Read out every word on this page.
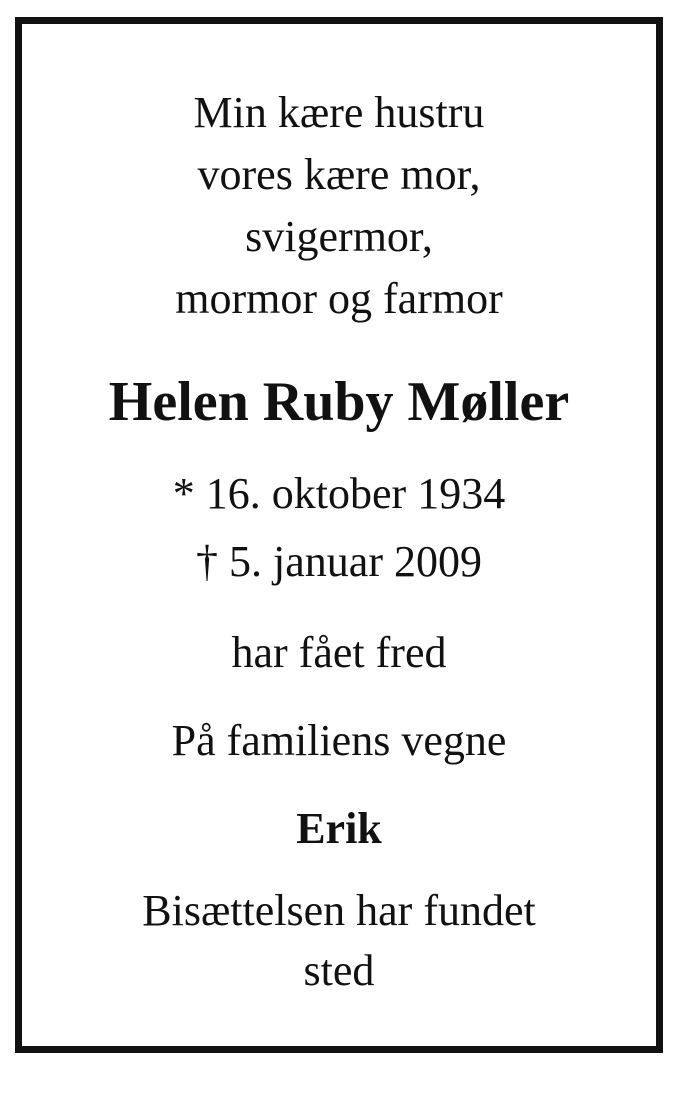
Min kære hustru
vores kære mor,
svigermor,
mormor og farmor
Helen Ruby Møller
* 16. oktober 1934
† 5. januar 2009
har fået fred
På familiens vegne
Erik
Bisættelsen har fundet
sted
